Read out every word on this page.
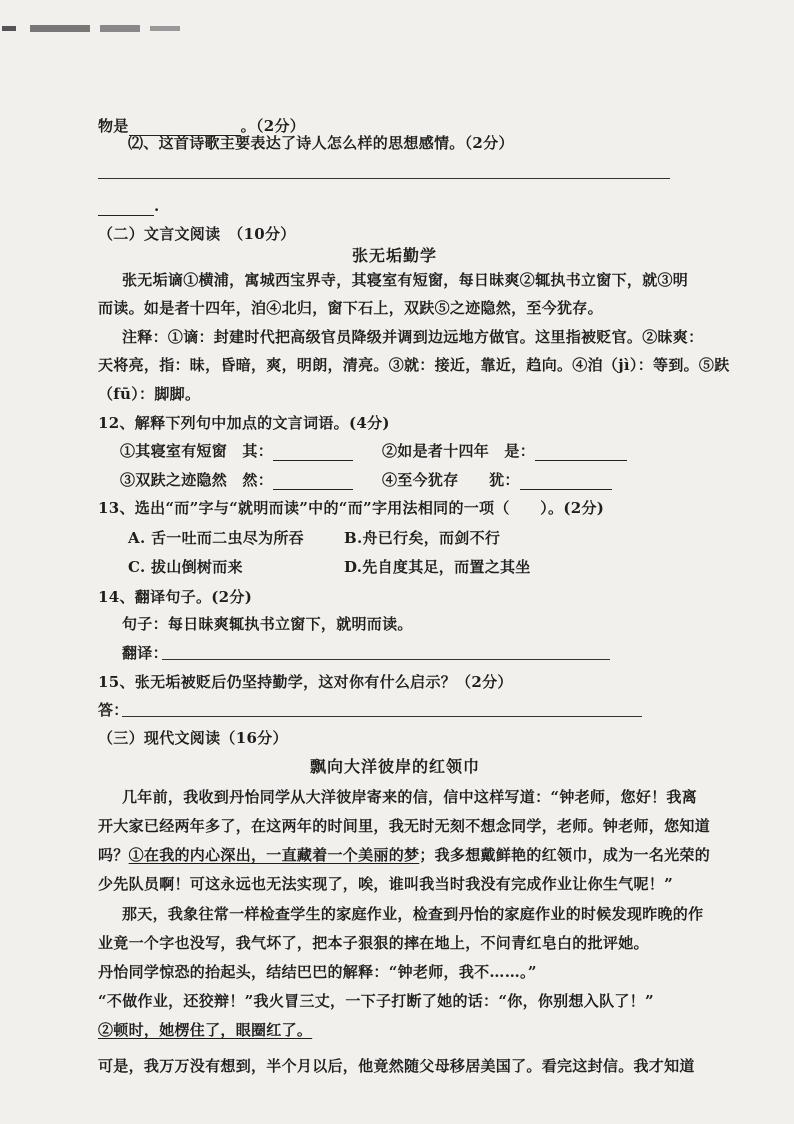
物是	。（2分）
⑵、这首诗歌主要表达了诗人怎么样的思想感情。（2分）
.
（二）文言文阅读　（10分）
张无垢勤学
张无垢谪①横浦，寓城西宝界寺，其寝室有短窗，每日昧爽②辄执书立窗下，就③明
而读。如是者十四年，洎④北归，窗下石上，双趺⑤之迹隐然，至今犹存。
注释：①谪：封建时代把高级官员降级并调到边远地方做官。这里指被贬官。②昧爽：
天将亮，指：昧，昏暗，爽，明朗，清亮。③就：接近，靠近，趋向。④洎（jì）：等到。⑤趺
（fū）：脚脚。
12、解释下列句中加点的文言词语。(4分)
①其寝室有短窗　其：	②如是者十四年　是：
③双趺之迹隐然　然：	④至今犹存　　犹：
13、选出“而”字与“就明而读”中的“而”字用法相同的一项（　　）。(2分)
A. 舌一吐而二虫尽为所吞	B.舟已行矣，而剑不行
C. 拔山倒树而来	D.先自度其足，而置之其坐
14、翻译句子。(2分)
句子：每日昧爽辄执书立窗下，就明而读。
翻译：
15、张无垢被贬后仍坚持勤学，这对你有什么启示？（2分）
答：
（三）现代文阅读（16分）
飘向大洋彼岸的红领巾
几年前，我收到丹怡同学从大洋彼岸寄来的信，信中这样写道：“钟老师，您好！我离
开大家已经两年多了，在这两年的时间里，我无时无刻不想念同学，老师。钟老师，您知道
吗？①在我的内心深出，一直藏着一个美丽的梦；我多想戴鲜艳的红领巾，成为一名光荣的
少先队员啊！可这永远也无法实现了，唉，谁叫我当时我没有完成作业让你生气呢！”
那天，我象往常一样检查学生的家庭作业，检查到丹怡的家庭作业的时候发现昨晚的作
业竟一个字也没写，我气坏了，把本子狠狠的摔在地上，不问青红皂白的批评她。
丹怡同学惊恐的抬起头，结结巴巴的解释：“钟老师，我不……。”
“不做作业，还狡辩！”我火冒三丈，一下子打断了她的话：“你，你别想入队了！”
②顿时，她楞住了，眼圈红了。
可是，我万万没有想到，半个月以后，他竟然随父母移居美国了。看完这封信。我才知道
